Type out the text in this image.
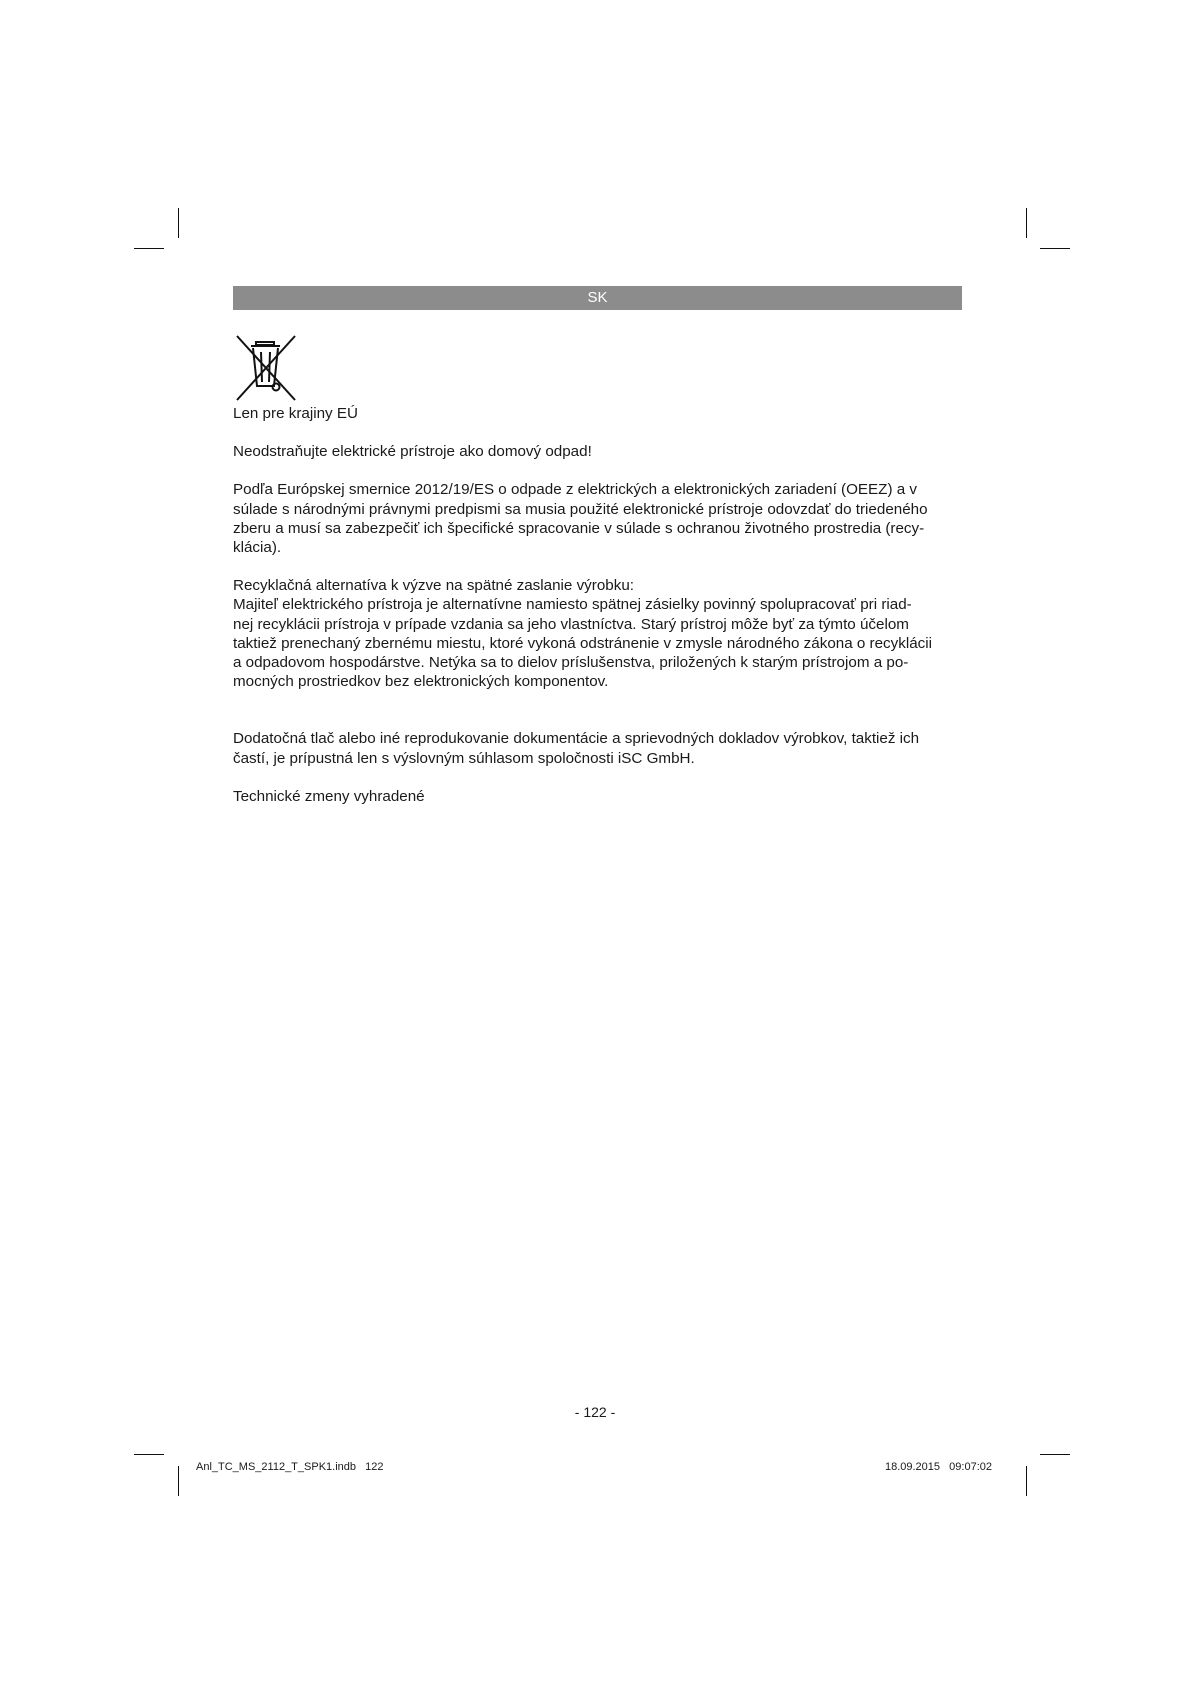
SK

Len pre krajiny EÚ

Neodstraňujte elektrické prístroje ako domový odpad!

Podľa Európskej smernice 2012/19/ES o odpade z elektrických a elektronických zariadení (OEEZ) a v
súlade s národnými právnymi predpismi sa musia použité elektronické prístroje odovzdať do triedeného
zberu a musí sa zabezpečiť ich špecifické spracovanie v súlade s ochranou životného prostredia (recy-
klácia).

Recyklačná alternatíva k výzve na spätné zaslanie výrobku:
Majiteľ elektrického prístroja je alternatívne namiesto spätnej zásielky povinný spolupracovať pri riad-
nej recyklácii prístroja v prípade vzdania sa jeho vlastníctva. Starý prístroj môže byť za týmto účelom
taktiež prenechaný zbernému miestu, ktoré vykoná odstránenie v zmysle národného zákona o recyklácii
a odpadovom hospodárstve. Netýka sa to dielov príslušenstva, priložených k starým prístrojom a po-
mocných prostriedkov bez elektronických komponentov.

Dodatočná tlač alebo iné reprodukovanie dokumentácie a sprievodných dokladov výrobkov, taktiež ich
častí, je prípustná len s výslovným súhlasom spoločnosti iSC GmbH.

Technické zmeny vyhradené

- 122 -
Anl_TC_MS_2112_T_SPK1.indb   122	18.09.2015   09:07:02
